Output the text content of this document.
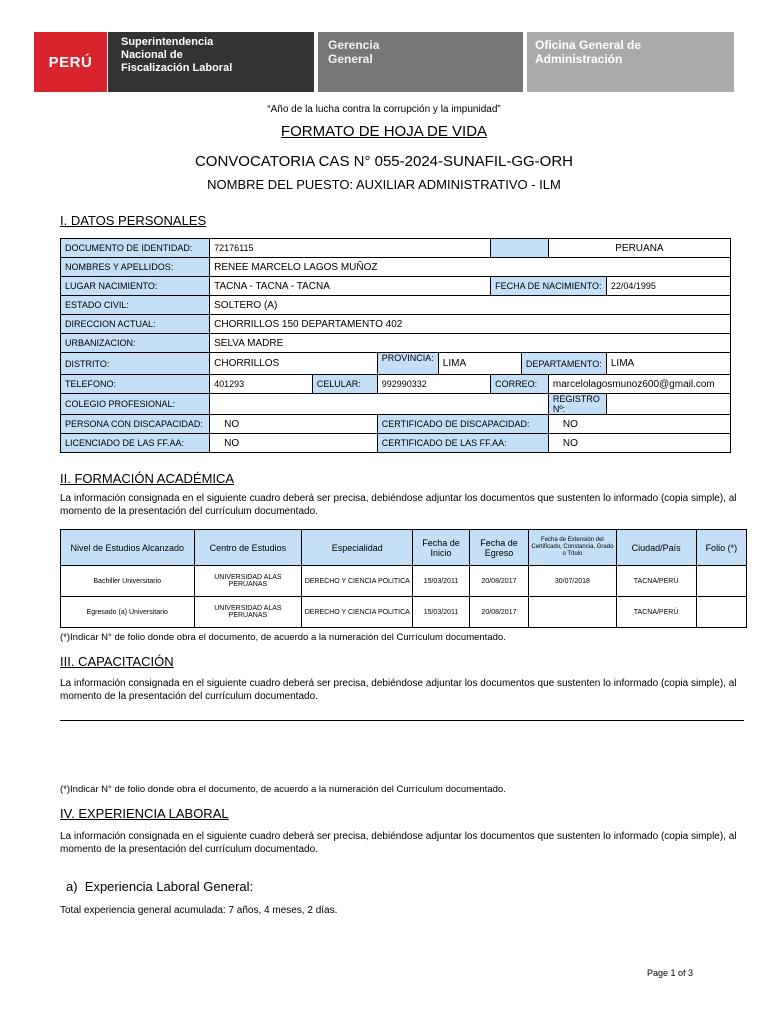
PERÚ
Superintendencia
Nacional de
Fiscalización Laboral
Gerencia
General
Oficina General de
Administración
“Año de la lucha contra la corrupción y la impunidad”
FORMATO DE HOJA DE VIDA
CONVOCATORIA CAS N° 055-2024-SUNAFIL-GG-ORH
NOMBRE DEL PUESTO: AUXILIAR ADMINISTRATIVO - ILM
I. DATOS PERSONALES
DOCUMENTO DE IDENTIDAD:	72176115						PERUANA	
NOMBRES Y APELLIDOS:	RENEE MARCELO LAGOS MUÑOZ							
LUGAR NACIMIENTO:	TACNA - TACNA - TACNA				FECHA DE NACIMIENTO:			22/04/1995
ESTADO CIVIL:	SOLTERO (A)							
DIRECCION ACTUAL:	CHORRILLOS 150 DEPARTAMENTO 402							
URBANIZACION:	SELVA MADRE							
DISTRITO:	CHORRILLOS		PROVINCIA:	LIMA		DEPARTAMENTO:		LIMA
TELEFONO:	401293	CELULAR:	992990332		CORREO:		marcelolagosmunoz600@gmail.com	
COLEGIO PROFESIONAL:							REGISTRO Nº:	
PERSONA CON DISCAPACIDAD:	NO		CERTIFICADO DE DISCAPACIDAD:				NO	
LICENCIADO DE LAS FF.AA:	NO		CERTIFICADO DE LAS FF.AA:				NO	
II. FORMACIÓN ACADÉMICA
La información consignada en el siguiente cuadro deberá ser precisa, debiéndose adjuntar los documentos que sustenten lo informado (copia simple), al momento de la presentación del currículum documentado.
Nivel de Estudios Alcanzado	Centro de Estudios	Especialidad	Fecha de Inicio	Fecha de Egreso	Fecha de Extensión del Certificado, Constancia, Grado o Título	Ciudad/País	Folio (*)
Bachiller Universitario	UNIVERSIDAD ALAS PERUANAS	DERECHO Y CIENCIA POLITICA	15/03/2011	20/08/2017	30/07/2018	TACNA/PERÚ	
Egresado (a) Universitario	UNIVERSIDAD ALAS PERUANAS	DERECHO Y CIENCIA POLITICA	15/03/2011	20/08/2017		TACNA/PERÚ	
(*)Indicar N° de folio donde obra el documento, de acuerdo a la numeración del Currículum documentado.
III. CAPACITACIÓN
La información consignada en el siguiente cuadro deberá ser precisa, debiéndose adjuntar los documentos que sustenten lo informado (copia simple), al momento de la presentación del currículum documentado.
(*)Indicar N° de folio donde obra el documento, de acuerdo a la numeración del Currículum documentado.
IV. EXPERIENCIA LABORAL
La información consignada en el siguiente cuadro deberá ser precisa, debiéndose adjuntar los documentos que sustenten lo informado (copia simple), al momento de la presentación del currículum documentado.
a)  Experiencia Laboral General:
Total experiencia general acumulada: 7 años, 4 meses, 2 días.
Page 1 of 3
